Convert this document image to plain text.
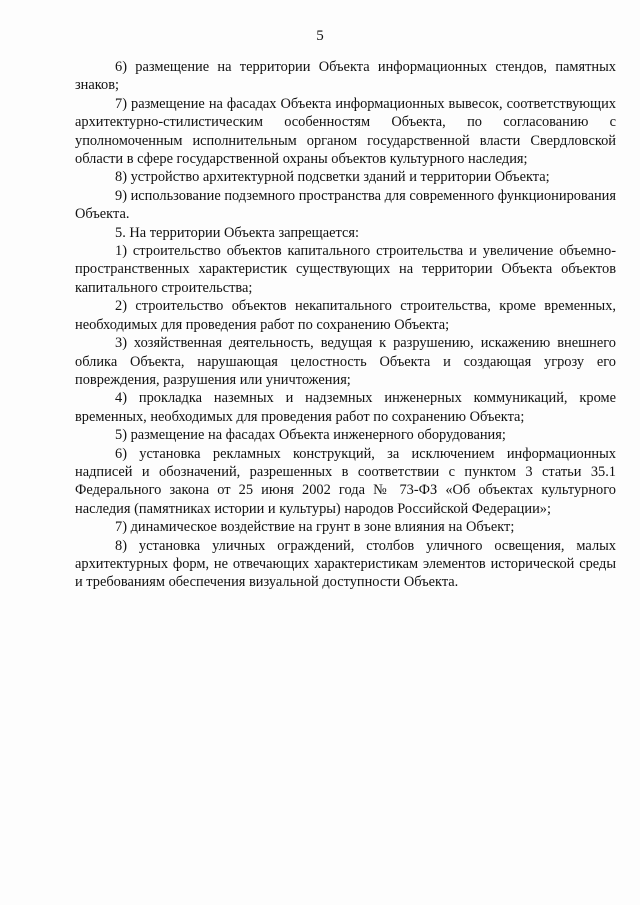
5

6) размещение на территории Объекта информационных стендов, памятных знаков;

7) размещение на фасадах Объекта информационных вывесок, соответствующих архитектурно-стилистическим особенностям Объекта, по согласованию с уполномоченным исполнительным органом государственной власти Свердловской области в сфере государственной охраны объектов культурного наследия;

8) устройство архитектурной подсветки зданий и территории Объекта;

9) использование подземного пространства для современного функционирования Объекта.

5. На территории Объекта запрещается:

1) строительство объектов капитального строительства и увеличение объемно-пространственных характеристик существующих на территории Объекта объектов капитального строительства;

2) строительство объектов некапитального строительства, кроме временных, необходимых для проведения работ по сохранению Объекта;

3) хозяйственная деятельность, ведущая к разрушению, искажению внешнего облика Объекта, нарушающая целостность Объекта и создающая угрозу его повреждения, разрушения или уничтожения;

4) прокладка наземных и надземных инженерных коммуникаций, кроме временных, необходимых для проведения работ по сохранению Объекта;

5) размещение на фасадах Объекта инженерного оборудования;

6) установка рекламных конструкций, за исключением информационных надписей и обозначений, разрешенных в соответствии с пунктом 3 статьи 35.1 Федерального закона от 25 июня 2002 года № 73-ФЗ «Об объектах культурного наследия (памятниках истории и культуры) народов Российской Федерации»;

7) динамическое воздействие на грунт в зоне влияния на Объект;

8) установка уличных ограждений, столбов уличного освещения, малых архитектурных форм, не отвечающих характеристикам элементов исторической среды и требованиям обеспечения визуальной доступности Объекта.
